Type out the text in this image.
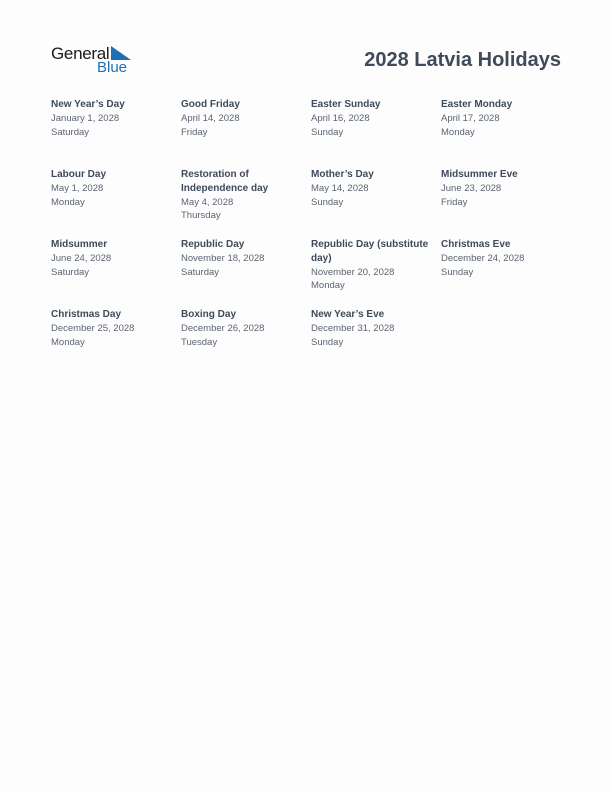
General
Blue	2028 Latvia Holidays
New Year’s Day
January 1, 2028
Saturday
Good Friday
April 14, 2028
Friday
Easter Sunday
April 16, 2028
Sunday
Easter Monday
April 17, 2028
Monday
Labour Day
May 1, 2028
Monday
Restoration of Independence day
May 4, 2028
Thursday
Mother’s Day
May 14, 2028
Sunday
Midsummer Eve
June 23, 2028
Friday
Midsummer
June 24, 2028
Saturday
Republic Day
November 18, 2028
Saturday
Republic Day (substitute day)
November 20, 2028
Monday
Christmas Eve
December 24, 2028
Sunday
Christmas Day
December 25, 2028
Monday
Boxing Day
December 26, 2028
Tuesday
New Year’s Eve
December 31, 2028
Sunday
